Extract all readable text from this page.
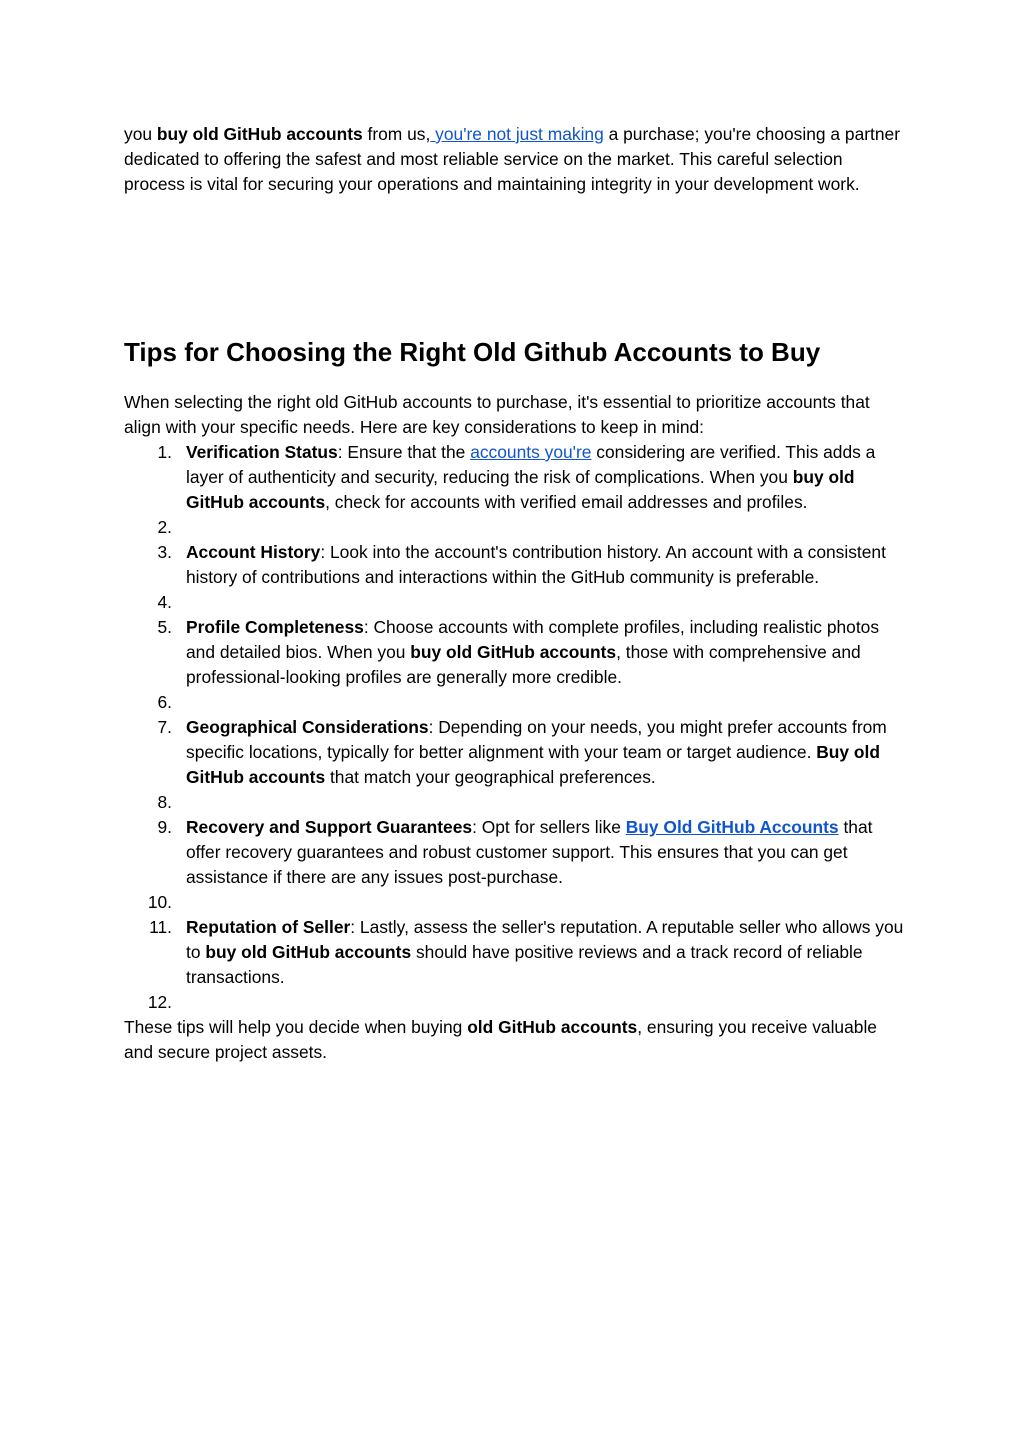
you buy old GitHub accounts from us, you're not just making a purchase; you're choosing a partner dedicated to offering the safest and most reliable service on the market. This careful selection process is vital for securing your operations and maintaining integrity in your development work.

Tips for Choosing the Right Old Github Accounts to Buy

When selecting the right old GitHub accounts to purchase, it's essential to prioritize accounts that align with your specific needs. Here are key considerations to keep in mind:

1. Verification Status: Ensure that the accounts you're considering are verified. This adds a layer of authenticity and security, reducing the risk of complications. When you buy old GitHub accounts, check for accounts with verified email addresses and profiles.
2.

3. Account History: Look into the account's contribution history. An account with a consistent history of contributions and interactions within the GitHub community is preferable.
4.

5. Profile Completeness: Choose accounts with complete profiles, including realistic photos and detailed bios. When you buy old GitHub accounts, those with comprehensive and professional-looking profiles are generally more credible.
6.

7. Geographical Considerations: Depending on your needs, you might prefer accounts from specific locations, typically for better alignment with your team or target audience. Buy old GitHub accounts that match your geographical preferences.
8.

9. Recovery and Support Guarantees: Opt for sellers like Buy Old GitHub Accounts that offer recovery guarantees and robust customer support. This ensures that you can get assistance if there are any issues post-purchase.
10.

11. Reputation of Seller: Lastly, assess the seller's reputation. A reputable seller who allows you to buy old GitHub accounts should have positive reviews and a track record of reliable transactions.
12.

These tips will help you decide when buying old GitHub accounts, ensuring you receive valuable and secure project assets.
